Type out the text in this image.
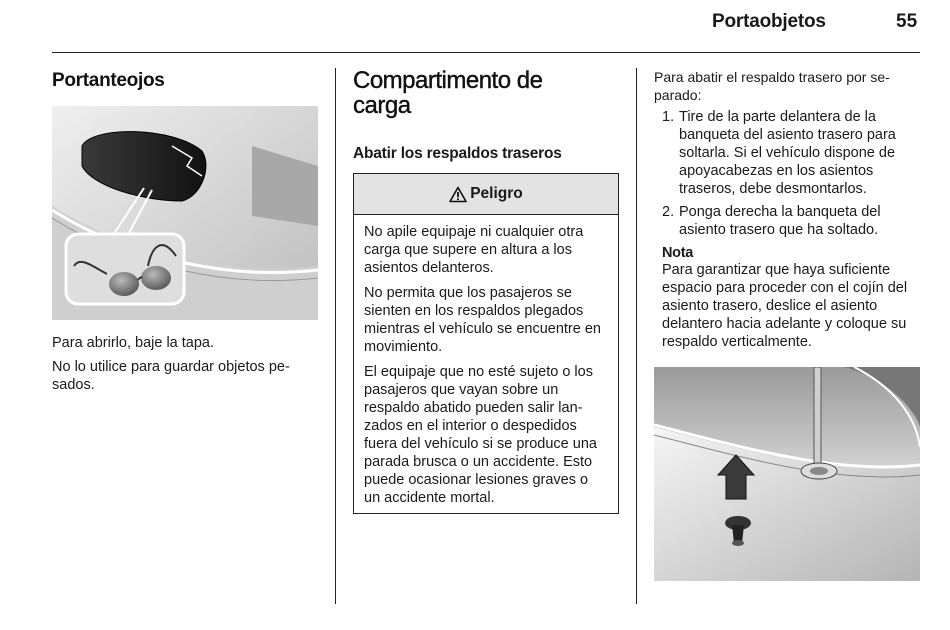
Portaobjetos	55
Portanteojos

Para abrirlo, baje la tapa.

No lo utilice para guardar objetos pe-sados.

Compartimento de carga
Abatir los respaldos traseros
Peligro

No apile equipaje ni cualquier otra carga que supere en altura a los asientos delanteros.

No permita que los pasajeros se sienten en los respaldos plegados mientras el vehículo se encuentre en movimiento.

El equipaje que no esté sujeto o los pasajeros que vayan sobre un respaldo abatido pueden salir lan-zados en el interior o despedidos fuera del vehículo si se produce una parada brusca o un accidente. Esto puede ocasionar lesiones graves o un accidente mortal.

Para abatir el respaldo trasero por se-parado:

1. Tire de la parte delantera de la banqueta del asiento trasero para soltarla. Si el vehículo dispone de apoyacabezas en los asientos traseros, debe desmontarlos.
2. Ponga derecha la banqueta del asiento trasero que ha soltado.
Nota

Para garantizar que haya suficiente espacio para proceder con el cojín del asiento trasero, deslice el asiento delantero hacia adelante y coloque su respaldo verticalmente.
